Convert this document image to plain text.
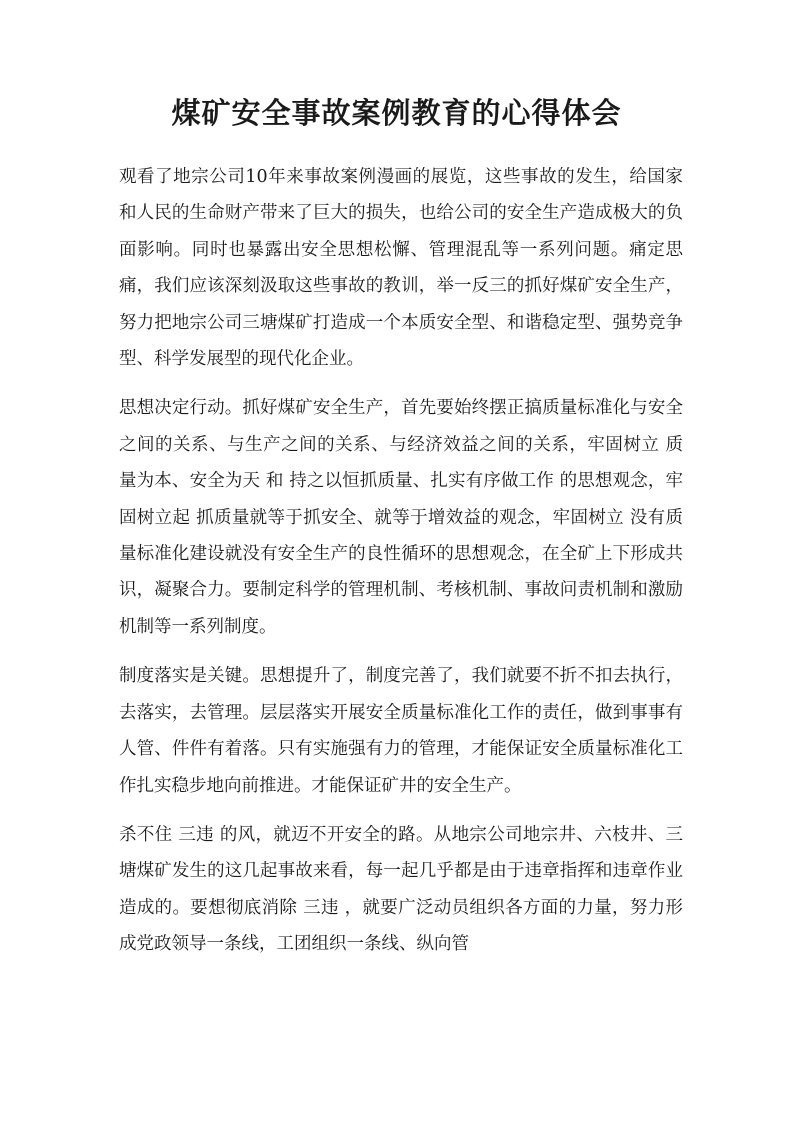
煤矿安全事故案例教育的心得体会

观看了地宗公司10年来事故案例漫画的展览，这些事故的发生，给国家和人民的生命财产带来了巨大的损失，也给公司的安全生产造成极大的负面影响。同时也暴露出安全思想松懈、管理混乱等一系列问题。痛定思痛，我们应该深刻汲取这些事故的教训，举一反三的抓好煤矿安全生产，努力把地宗公司三塘煤矿打造成一个本质安全型、和谐稳定型、强势竞争型、科学发展型的现代化企业。

思想决定行动。抓好煤矿安全生产，首先要始终摆正搞质量标准化与安全之间的关系、与生产之间的关系、与经济效益之间的关系，牢固树立 质量为本、安全为天 和 持之以恒抓质量、扎实有序做工作 的思想观念，牢固树立起 抓质量就等于抓安全、就等于增效益的观念，牢固树立 没有质量标准化建设就没有安全生产的良性循环的思想观念，在全矿上下形成共识，凝聚合力。要制定科学的管理机制、考核机制、事故问责机制和激励机制等一系列制度。

制度落实是关键。思想提升了，制度完善了，我们就要不折不扣去执行，去落实，去管理。层层落实开展安全质量标准化工作的责任，做到事事有人管、件件有着落。只有实施强有力的管理，才能保证安全质量标准化工作扎实稳步地向前推进。才能保证矿井的安全生产。

杀不住 三违 的风，就迈不开安全的路。从地宗公司地宗井、六枝井、三塘煤矿发生的这几起事故来看，每一起几乎都是由于违章指挥和违章作业造成的。要想彻底消除 三违 ，就要广泛动员组织各方面的力量，努力形成党政领导一条线，工团组织一条线、纵向管
